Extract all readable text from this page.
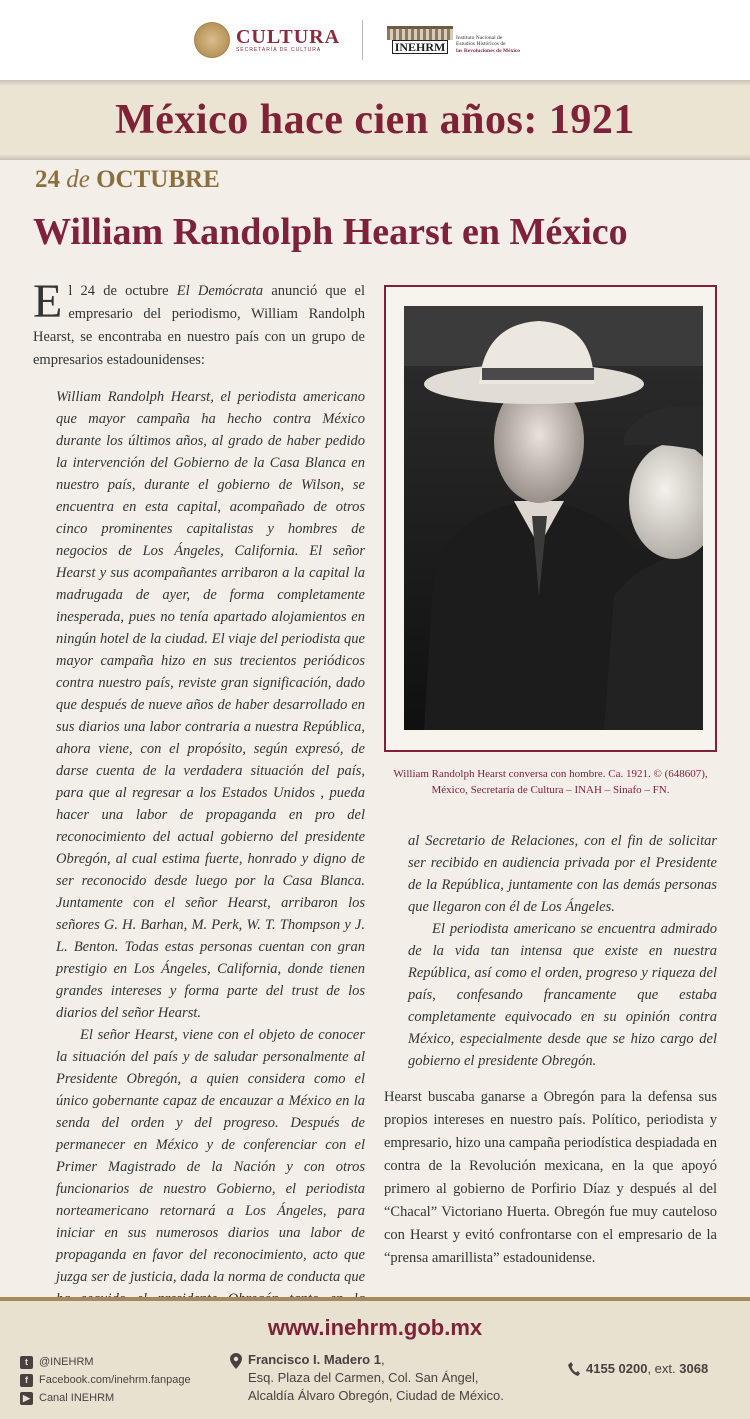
CULTURA
SECRETARÍA DE CULTURA	INEHRM
Instituto Nacional de
Estudios Históricos de
las Revoluciones de México
México hace cien años: 1921
24 de OCTUBRE
William Randolph Hearst en México

El 24 de octubre El Demócrata anunció que el empresario del periodismo, William Randolph Hearst, se encontraba en nuestro país con un grupo de empresarios estadounidenses:

William Randolph Hearst, el periodista americano que mayor campaña ha hecho contra México durante los últimos años, al grado de haber pedido la intervención del Gobierno de la Casa Blanca en nuestro país, durante el gobierno de Wilson, se encuentra en esta capital, acompañado de otros cinco prominentes capitalistas y hombres de negocios de Los Ángeles, California. El señor Hearst y sus acompañantes arribaron a la capital la madrugada de ayer, de forma completamente inesperada, pues no tenía apartado alojamientos en ningún hotel de la ciudad. El viaje del periodista que mayor campaña hizo en sus trecientos periódicos contra nuestro país, reviste gran significación, dado que después de nueve años de haber desarrollado en sus diarios una labor contraria a nuestra República, ahora viene, con el propósito, según expresó, de darse cuenta de la verdadera situación del país, para que al regresar a los Estados Unidos , pueda hacer una labor de propaganda en pro del reconocimiento del actual gobierno del presidente Obregón, al cual estima fuerte, honrado y digno de ser reconocido desde luego por la Casa Blanca. Juntamente con el señor Hearst, arribaron los señores G. H. Barhan, M. Perk, W. T. Thompson y J. L. Benton. Todas estas personas cuentan con gran prestigio en Los Ángeles, California, donde tienen grandes intereses y forma parte del trust de los diarios del señor Hearst.

El señor Hearst, viene con el objeto de conocer la situación del país y de saludar personalmente al Presidente Obregón, a quien considera como el único gobernante capaz de encauzar a México en la senda del orden y del progreso. Después de permanecer en México y de conferenciar con el Primer Magistrado de la Nación y con otros funcionarios de nuestro Gobierno, el periodista norteamericano retornará a Los Ángeles, para iniciar en sus numerosos diarios una labor de propaganda en favor del reconocimiento, acto que juzga ser de justicia, dada la norma de conducta que

William Randolph Hearst conversa con hombre. Ca. 1921. © (648607), México, Secretaría de Cultura – INAH – Sinafo – FN.

al Secretario de Relaciones, con el fin de solicitar ser recibido en audiencia privada por el Presidente de la República, juntamente con las demás personas que llegaron con él de Los Ángeles.

El periodista americano se encuentra admirado de la vida tan intensa que existe en nuestra República, así como el orden, progreso y riqueza del país, confesando francamente que estaba completamente equivocado en su opinión contra México, especialmente desde que se hizo cargo del gobierno el presidente Obregón.

Hearst buscaba ganarse a Obregón para la defensa sus propios intereses en nuestro país. Político, periodista y empresario, hizo una campaña periodística despiadada en contra de la Revolución mexicana, en la que apoyó primero al gobierno de Porfirio Díaz y después al del “Chacal” Victoriano Huerta. Obregón fue muy cauteloso con Hearst y evitó confrontarse con el empresario de la “prensa amarillista” estadounidense.

www.inehrm.gob.mx
t	@INEHRM
f	Facebook.com/inehrm.fanpage
▶ Canal INEHRM
Francisco I. Madero 1,
Esq. Plaza del Carmen, Col. San Ángel,
Alcaldía Álvaro Obregón, Ciudad de México.
4155 0200, ext. 3068
